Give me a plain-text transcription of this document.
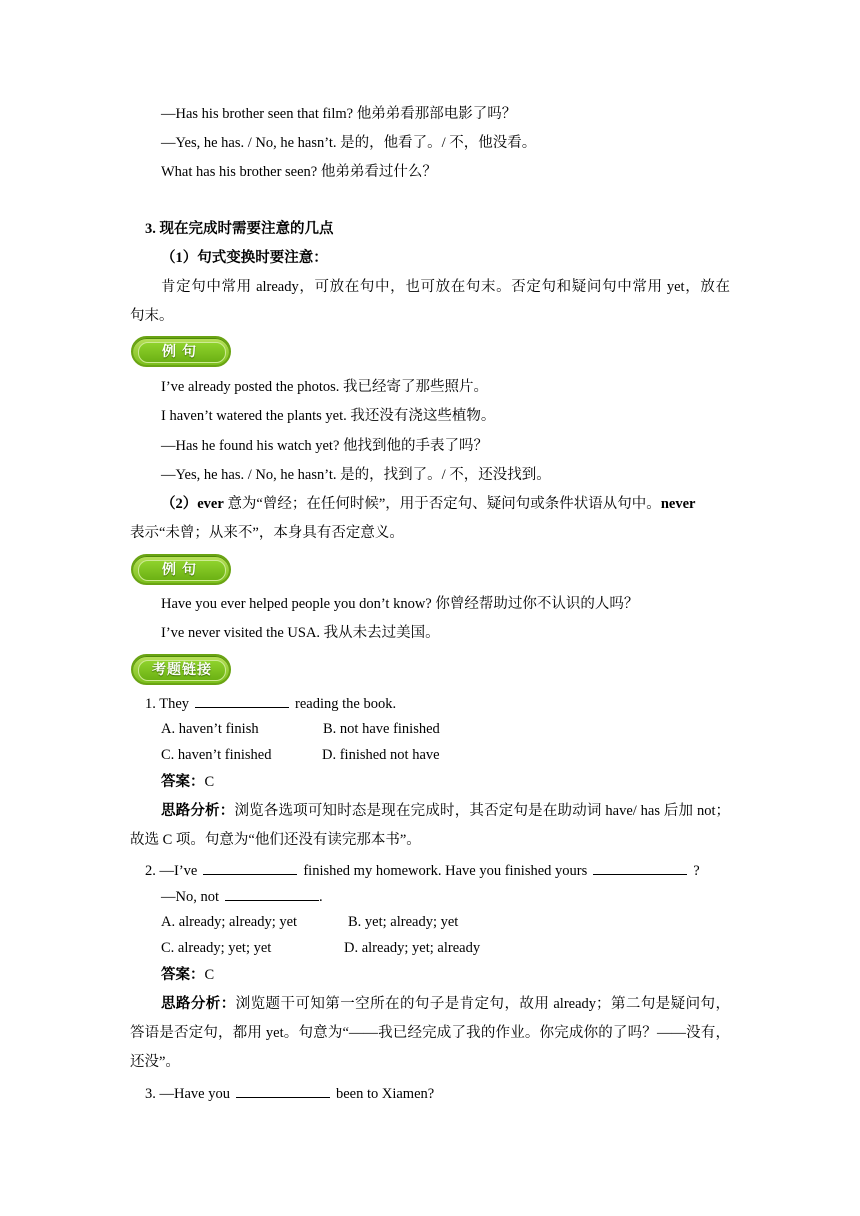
—Has his brother seen that film? 他弟弟看那部电影了吗？
—Yes, he has. / No, he hasn’t. 是的，他看了。/ 不，他没看。
What has his brother seen? 他弟弟看过什么？
3. 现在完成时需要注意的几点
（1）句式变换时要注意：
肯定句中常用 already，可放在句中，也可放在句末。否定句和疑问句中常用 yet，放在
句末。
例句
I’ve already posted the photos. 我已经寄了那些照片。
I haven’t watered the plants yet. 我还没有浇这些植物。
—Has he found his watch yet? 他找到他的手表了吗？
—Yes, he has. / No, he hasn’t. 是的，找到了。/ 不，还没找到。
（2）ever 意为“曾经；在任何时候”，用于否定句、疑问句或条件状语从句中。never
表示“未曾；从来不”，本身具有否定意义。
例句
Have you ever helped people you don’t know? 你曾经帮助过你不认识的人吗？
I’ve never visited the USA. 我从未去过美国。
考题链接
1. They	reading the book.
A. haven’t finish	B. not have finished
C. haven’t finished	D. finished not have
答案：C
思路分析：浏览各选项可知时态是现在完成时，其否定句是在助动词 have/ has 后加 not；
故选 C 项。句意为“他们还没有读完那本书”。
2. —I’ve	finished my homework. Have you finished yours	?
—No, not	.
A. already; already; yet	B. yet; already; yet
C. already; yet; yet	D. already; yet; already
答案：C
思路分析：浏览题干可知第一空所在的句子是肯定句，故用 already；第二句是疑问句，
答语是否定句，都用 yet。句意为“——我已经完成了我的作业。你完成你的了吗？——没有，
还没”。
3. —Have you	been to Xiamen?
